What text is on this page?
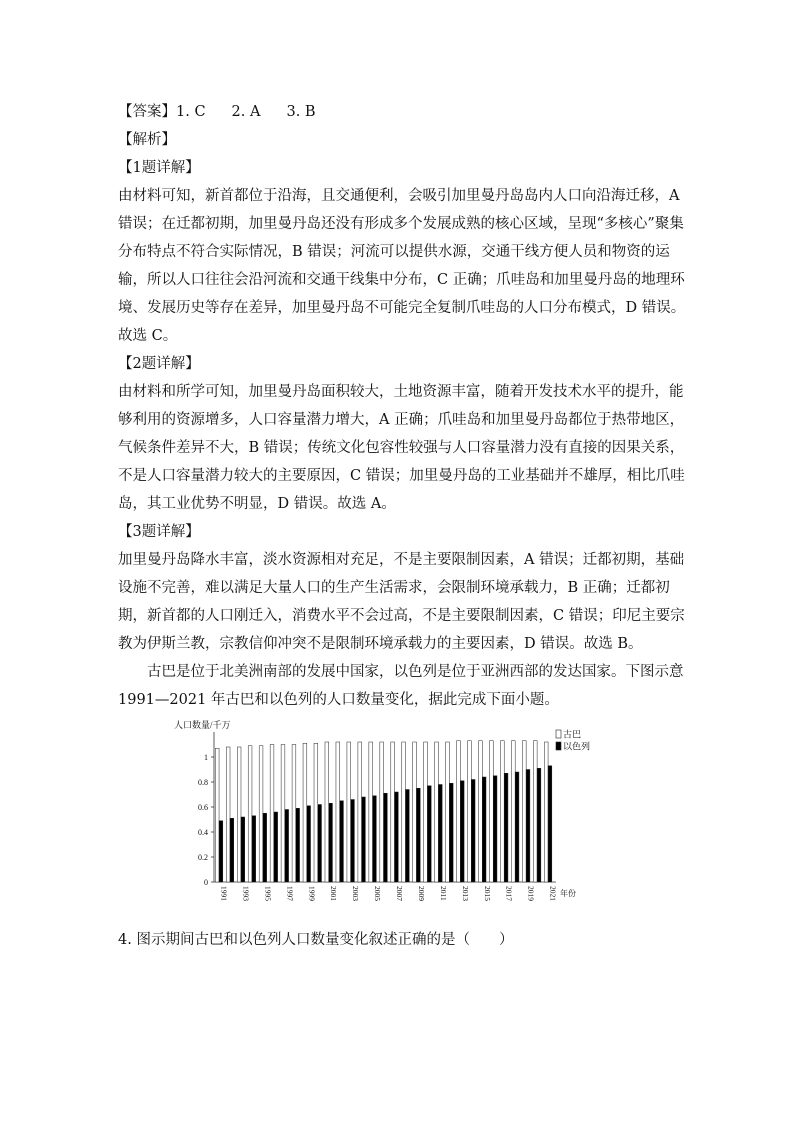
【答案】1. C 2. A 3. B

【解析】

【1题详解】

由材料可知，新首都位于沿海，且交通便利，会吸引加里曼丹岛岛内人口向沿海迁移，A

错误；在迁都初期，加里曼丹岛还没有形成多个发展成熟的核心区域，呈现“多核心”聚集

分布特点不符合实际情况，B 错误；河流可以提供水源，交通干线方便人员和物资的运

输，所以人口往往会沿河流和交通干线集中分布，C 正确；爪哇岛和加里曼丹岛的地理环

境、发展历史等存在差异，加里曼丹岛不可能完全复制爪哇岛的人口分布模式，D 错误。

故选 C。

【2题详解】

由材料和所学可知，加里曼丹岛面积较大，土地资源丰富，随着开发技术水平的提升，能

够利用的资源增多，人口容量潜力增大，A 正确；爪哇岛和加里曼丹岛都位于热带地区，

气候条件差异不大，B 错误；传统文化包容性较强与人口容量潜力没有直接的因果关系，

不是人口容量潜力较大的主要原因，C 错误；加里曼丹岛的工业基础并不雄厚，相比爪哇

岛，其工业优势不明显，D 错误。故选 A。

【3题详解】

加里曼丹岛降水丰富，淡水资源相对充足，不是主要限制因素，A 错误；迁都初期，基础

设施不完善，难以满足大量人口的生产生活需求，会限制环境承载力，B 正确；迁都初

期，新首都的人口刚迁入，消费水平不会过高，不是主要限制因素，C 错误；印尼主要宗

教为伊斯兰教，宗教信仰冲突不是限制环境承载力的主要因素，D 错误。故选 B。

古巴是位于北美洲南部的发展中国家，以色列是位于亚洲西部的发达国家。下图示意

1991—2021 年古巴和以色列的人口数量变化，据此完成下面小题。

人口数量/千万
0
0.2
0.4
0.6
0.8
1
1991 1993 1995 1997 1999 2001 2003 2005 2007 2009 2011 2013 2015 2017 2019 2021 年份
古巴
以色列

4. 图示期间古巴和以色列人口数量变化叙述正确的是（　　）
